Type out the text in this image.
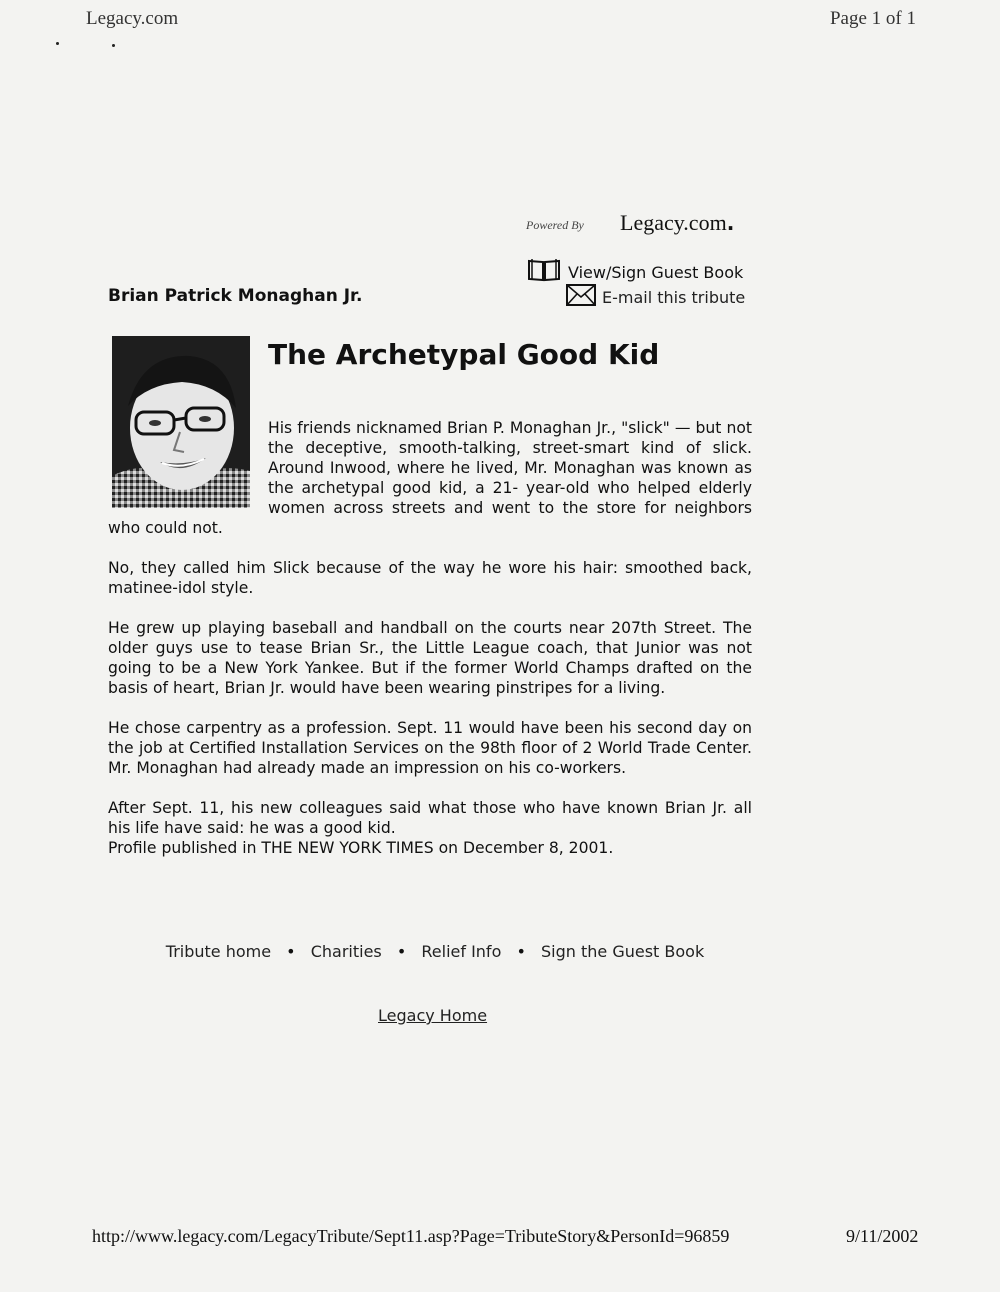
Legacy.com	Page 1 of 1
Powered By Legacy.com.
View/Sign Guest Book
E-mail this tribute
Brian Patrick Monaghan Jr.
The Archetypal Good Kid

His friends nicknamed Brian P. Monaghan Jr., "slick" — but not the deceptive, smooth-talking, street-smart kind of slick. Around Inwood, where he lived, Mr. Monaghan was known as the archetypal good kid, a 21- year-old who helped elderly women across streets and went to the store for neighbors who could not.

No, they called him Slick because of the way he wore his hair: smoothed back, matinee-idol style.

He grew up playing baseball and handball on the courts near 207th Street. The older guys use to tease Brian Sr., the Little League coach, that Junior was not going to be a New York Yankee. But if the former World Champs drafted on the basis of heart, Brian Jr. would have been wearing pinstripes for a living.

He chose carpentry as a profession. Sept. 11 would have been his second day on the job at Certified Installation Services on the 98th floor of 2 World Trade Center. Mr. Monaghan had already made an impression on his co-workers.

After Sept. 11, his new colleagues said what those who have known Brian Jr. all his life have said: he was a good kid.

Profile published in THE NEW YORK TIMES on December 8, 2001.

Tribute home • Charities • Relief Info • Sign the Guest Book
Legacy Home
http://www.legacy.com/LegacyTribute/Sept11.asp?Page=TributeStory&PersonId=96859	9/11/2002
